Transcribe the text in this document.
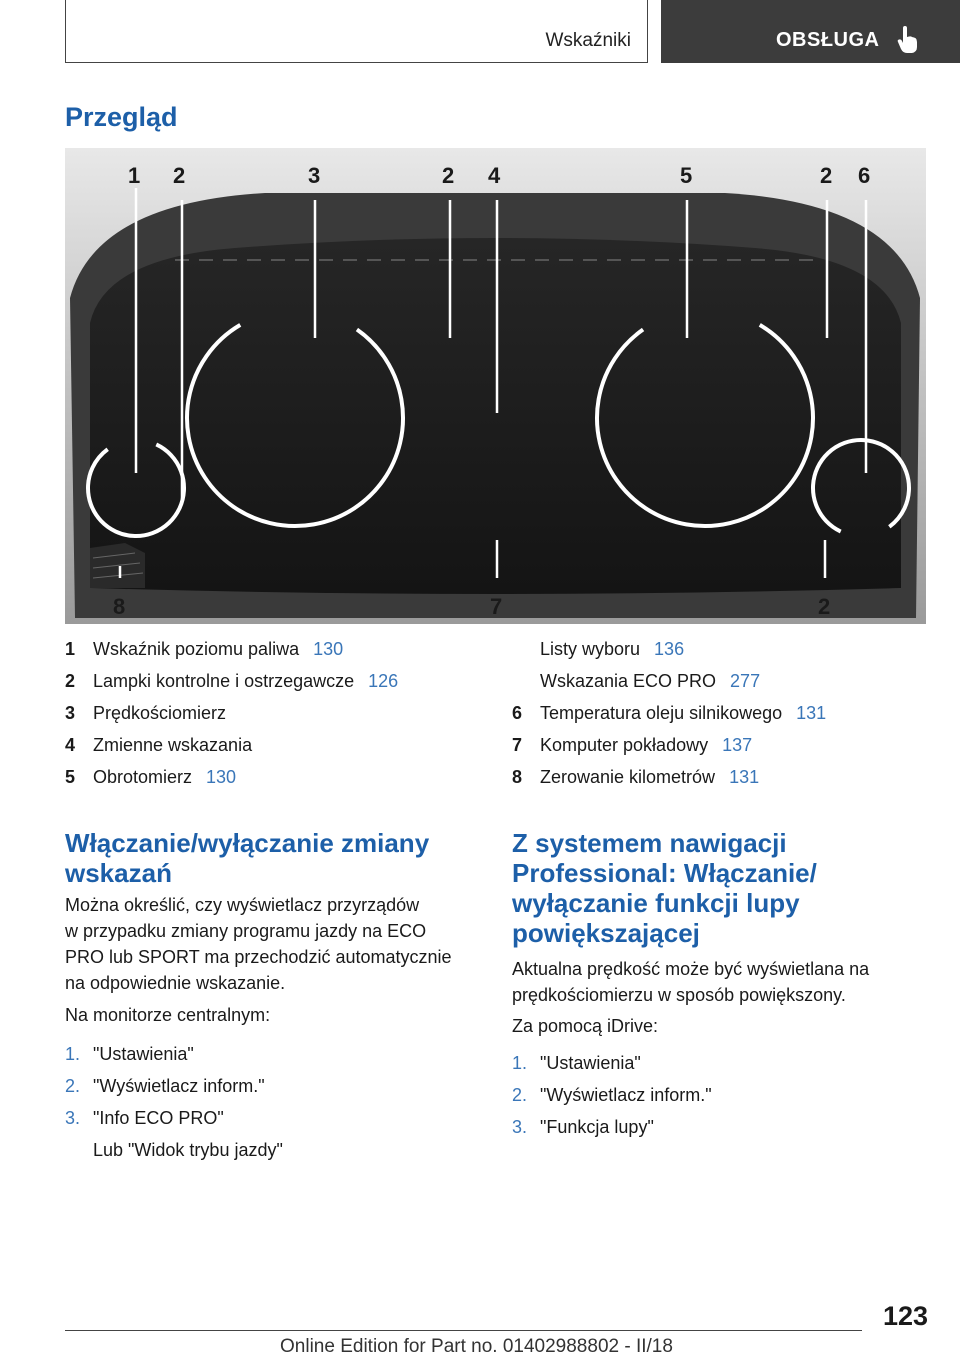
Wskaźniki	OBSŁUGA
Przegląd
1 2	3	2 4	5	2 6
8	7	2
1 Wskaźnik poziomu paliwa 130
2 Lampki kontrolne i ostrzegawcze 126
3 Prędkościomierz
4 Zmienne wskazania
5 Obrotomierz 130
Listy wyboru 136
Wskazania ECO PRO 277
6 Temperatura oleju silnikowego 131
7 Komputer pokładowy 137
8 Zerowanie kilometrów 131
Włączanie/wyłączanie zmiany
wskazań
Można określić, czy wyświetlacz przyrządów
w przypadku zmiany programu jazdy na ECO
PRO lub SPORT ma przechodzić automatycznie
na odpowiednie wskazanie.
Na monitorze centralnym:
1. "Ustawienia"
2. "Wyświetlacz inform."
3. "Info ECO PRO"
Lub "Widok trybu jazdy"
Z systemem nawigacji
Professional: Włączanie/
wyłączanie funkcji lupy
powiększającej
Aktualna prędkość może być wyświetlana na
prędkościomierzu w sposób powiększony.
Za pomocą iDrive:
1. "Ustawienia"
2. "Wyświetlacz inform."
3. "Funkcja lupy"
123
Online Edition for Part no. 01402988802 - II/18
